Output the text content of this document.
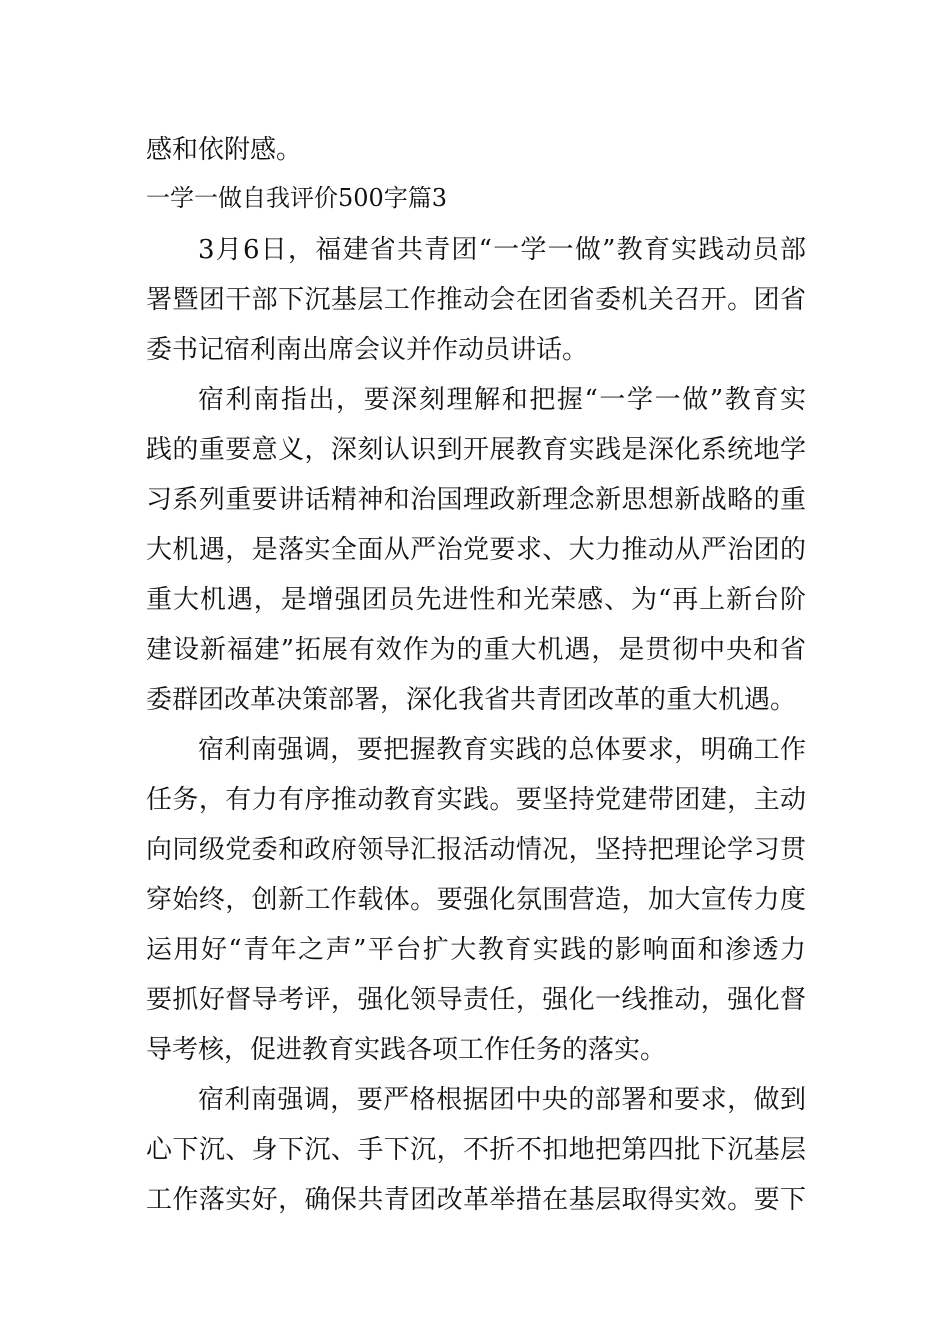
感和依附感。
一学一做自我评价500字篇3
3月6日，福建省共青团“一学一做”教育实践动员部
署暨团干部下沉基层工作推动会在团省委机关召开。团省
委书记宿利南出席会议并作动员讲话。
宿利南指出，要深刻理解和把握“一学一做”教育实
践的重要意义，深刻认识到开展教育实践是深化系统地学
习系列重要讲话精神和治国理政新理念新思想新战略的重
大机遇，是落实全面从严治党要求、大力推动从严治团的
重大机遇，是增强团员先进性和光荣感、为“再上新台阶
建设新福建”拓展有效作为的重大机遇，是贯彻中央和省
委群团改革决策部署，深化我省共青团改革的重大机遇。
宿利南强调，要把握教育实践的总体要求，明确工作
任务，有力有序推动教育实践。要坚持党建带团建，主动
向同级党委和政府领导汇报活动情况，坚持把理论学习贯
穿始终，创新工作载体。要强化氛围营造，加大宣传力度
运用好“青年之声”平台扩大教育实践的影响面和渗透力
要抓好督导考评，强化领导责任，强化一线推动，强化督
导考核，促进教育实践各项工作任务的落实。
宿利南强调，要严格根据团中央的部署和要求，做到
心下沉、身下沉、手下沉，不折不扣地把第四批下沉基层
工作落实好，确保共青团改革举措在基层取得实效。要下
